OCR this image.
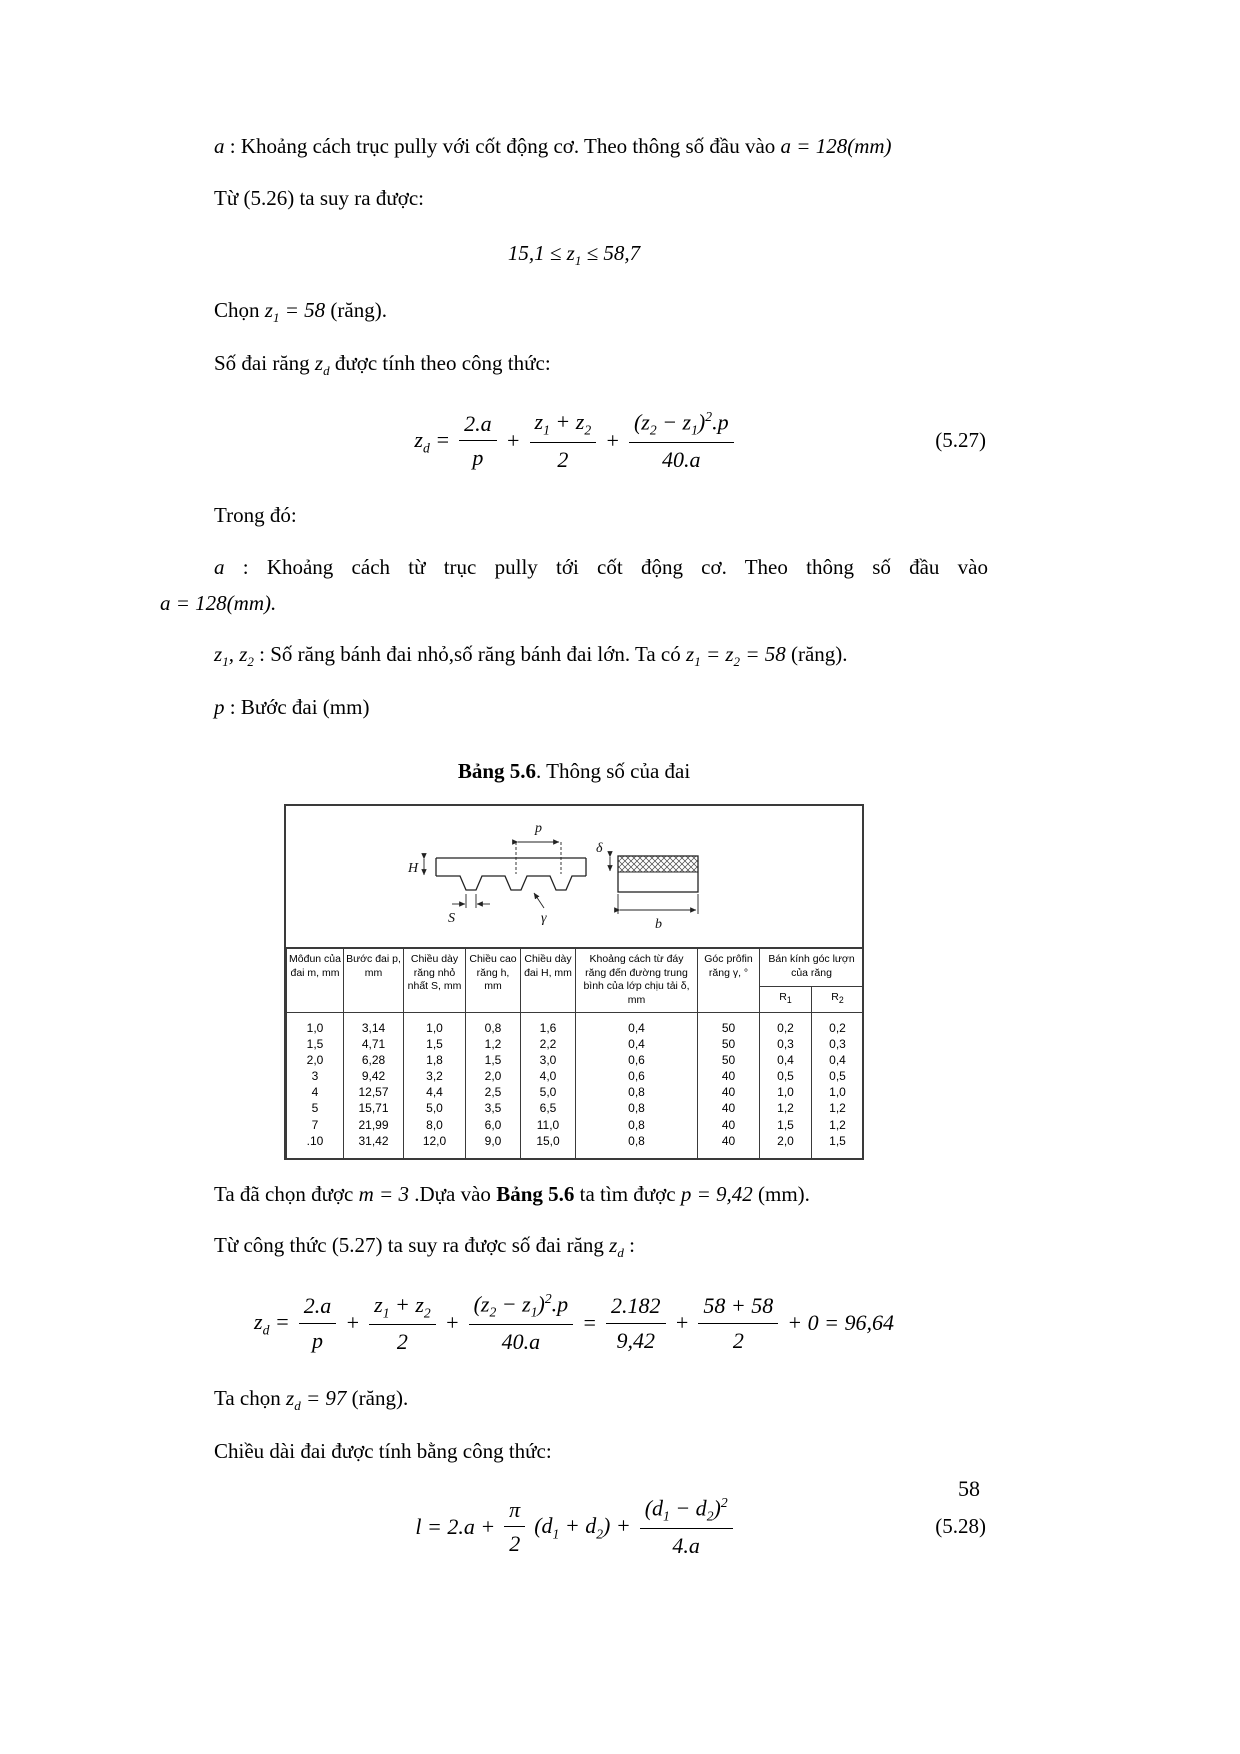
a : Khoảng cách trục pully với cốt động cơ. Theo thông số đầu vào a = 128(mm)

Từ (5.26) ta suy ra được:

$15,1 \le z_1 \le 58,7$

Chọn $z_1 = 58$ (răng).

Số đai răng $z_d$ được tính theo công thức:

$z_d = \frac{2.a}{p} + \frac{z_1 + z_2}{2} + \frac{(z_2 - z_1)^2.p}{40.a}$	(5.27)

Trong đó:

a : Khoảng cách từ trục pully tới cốt động cơ. Theo thông số đầu vào
a = 128(mm).

$z_1$, $z_2$ : Số răng bánh đai nhỏ,số răng bánh đai lớn. Ta có $z_1 = z_2 = 58$ (răng).

p : Bước đai (mm)

Bảng 5.6. Thông số của đai
p
S	γ
H
δ
b
Môđun của đai m, mm	Bước đai p, mm	Chiều dày răng nhỏ nhất S, mm	Chiều cao răng h, mm	Chiều dày đai H, mm	Khoảng cách từ đáy răng đến đường trung bình của lớp chịu tải δ, mm	Góc prôfin răng γ, °	Bán kính góc lượn của răng	
							$R_1$	$R_2$
1,0	3,14	1,0	0,8	1,6	0,4	50	0,2	0,2
1,5	4,71	1,5	1,2	2,2	0,4	50	0,3	0,3
2,0	6,28	1,8	1,5	3,0	0,6	50	0,4	0,4
3	9,42	3,2	2,0	4,0	0,6	40	0,5	0,5
4	12,57	4,4	2,5	5,0	0,8	40	1,0	1,0
5	15,71	5,0	3,5	6,5	0,8	40	1,2	1,2
7	21,99	8,0	6,0	11,0	0,8	40	1,5	1,2
.10	31,42	12,0	9,0	15,0	0,8	40	2,0	1,5

Ta đã chọn được m = 3 .Dựa vào Bảng 5.6 ta tìm được p = 9,42 (mm).

Từ công thức (5.27) ta suy ra được số đai răng $z_d$ :

$z_d = \frac{2.a}{p} + \frac{z_1 + z_2}{2} + \frac{(z_2 - z_1)^2.p}{40.a} = \frac{2.182}{9,42} + \frac{58 + 58}{2} + 0 = 96,64$

Ta chọn $z_d = 97$ (răng).

Chiều dài đai được tính bằng công thức:

$l = 2.a + \frac{\pi}{2} (d_1 + d_2) + \frac{(d_1 - d_2)^2}{4.a}$	(5.28)
58
